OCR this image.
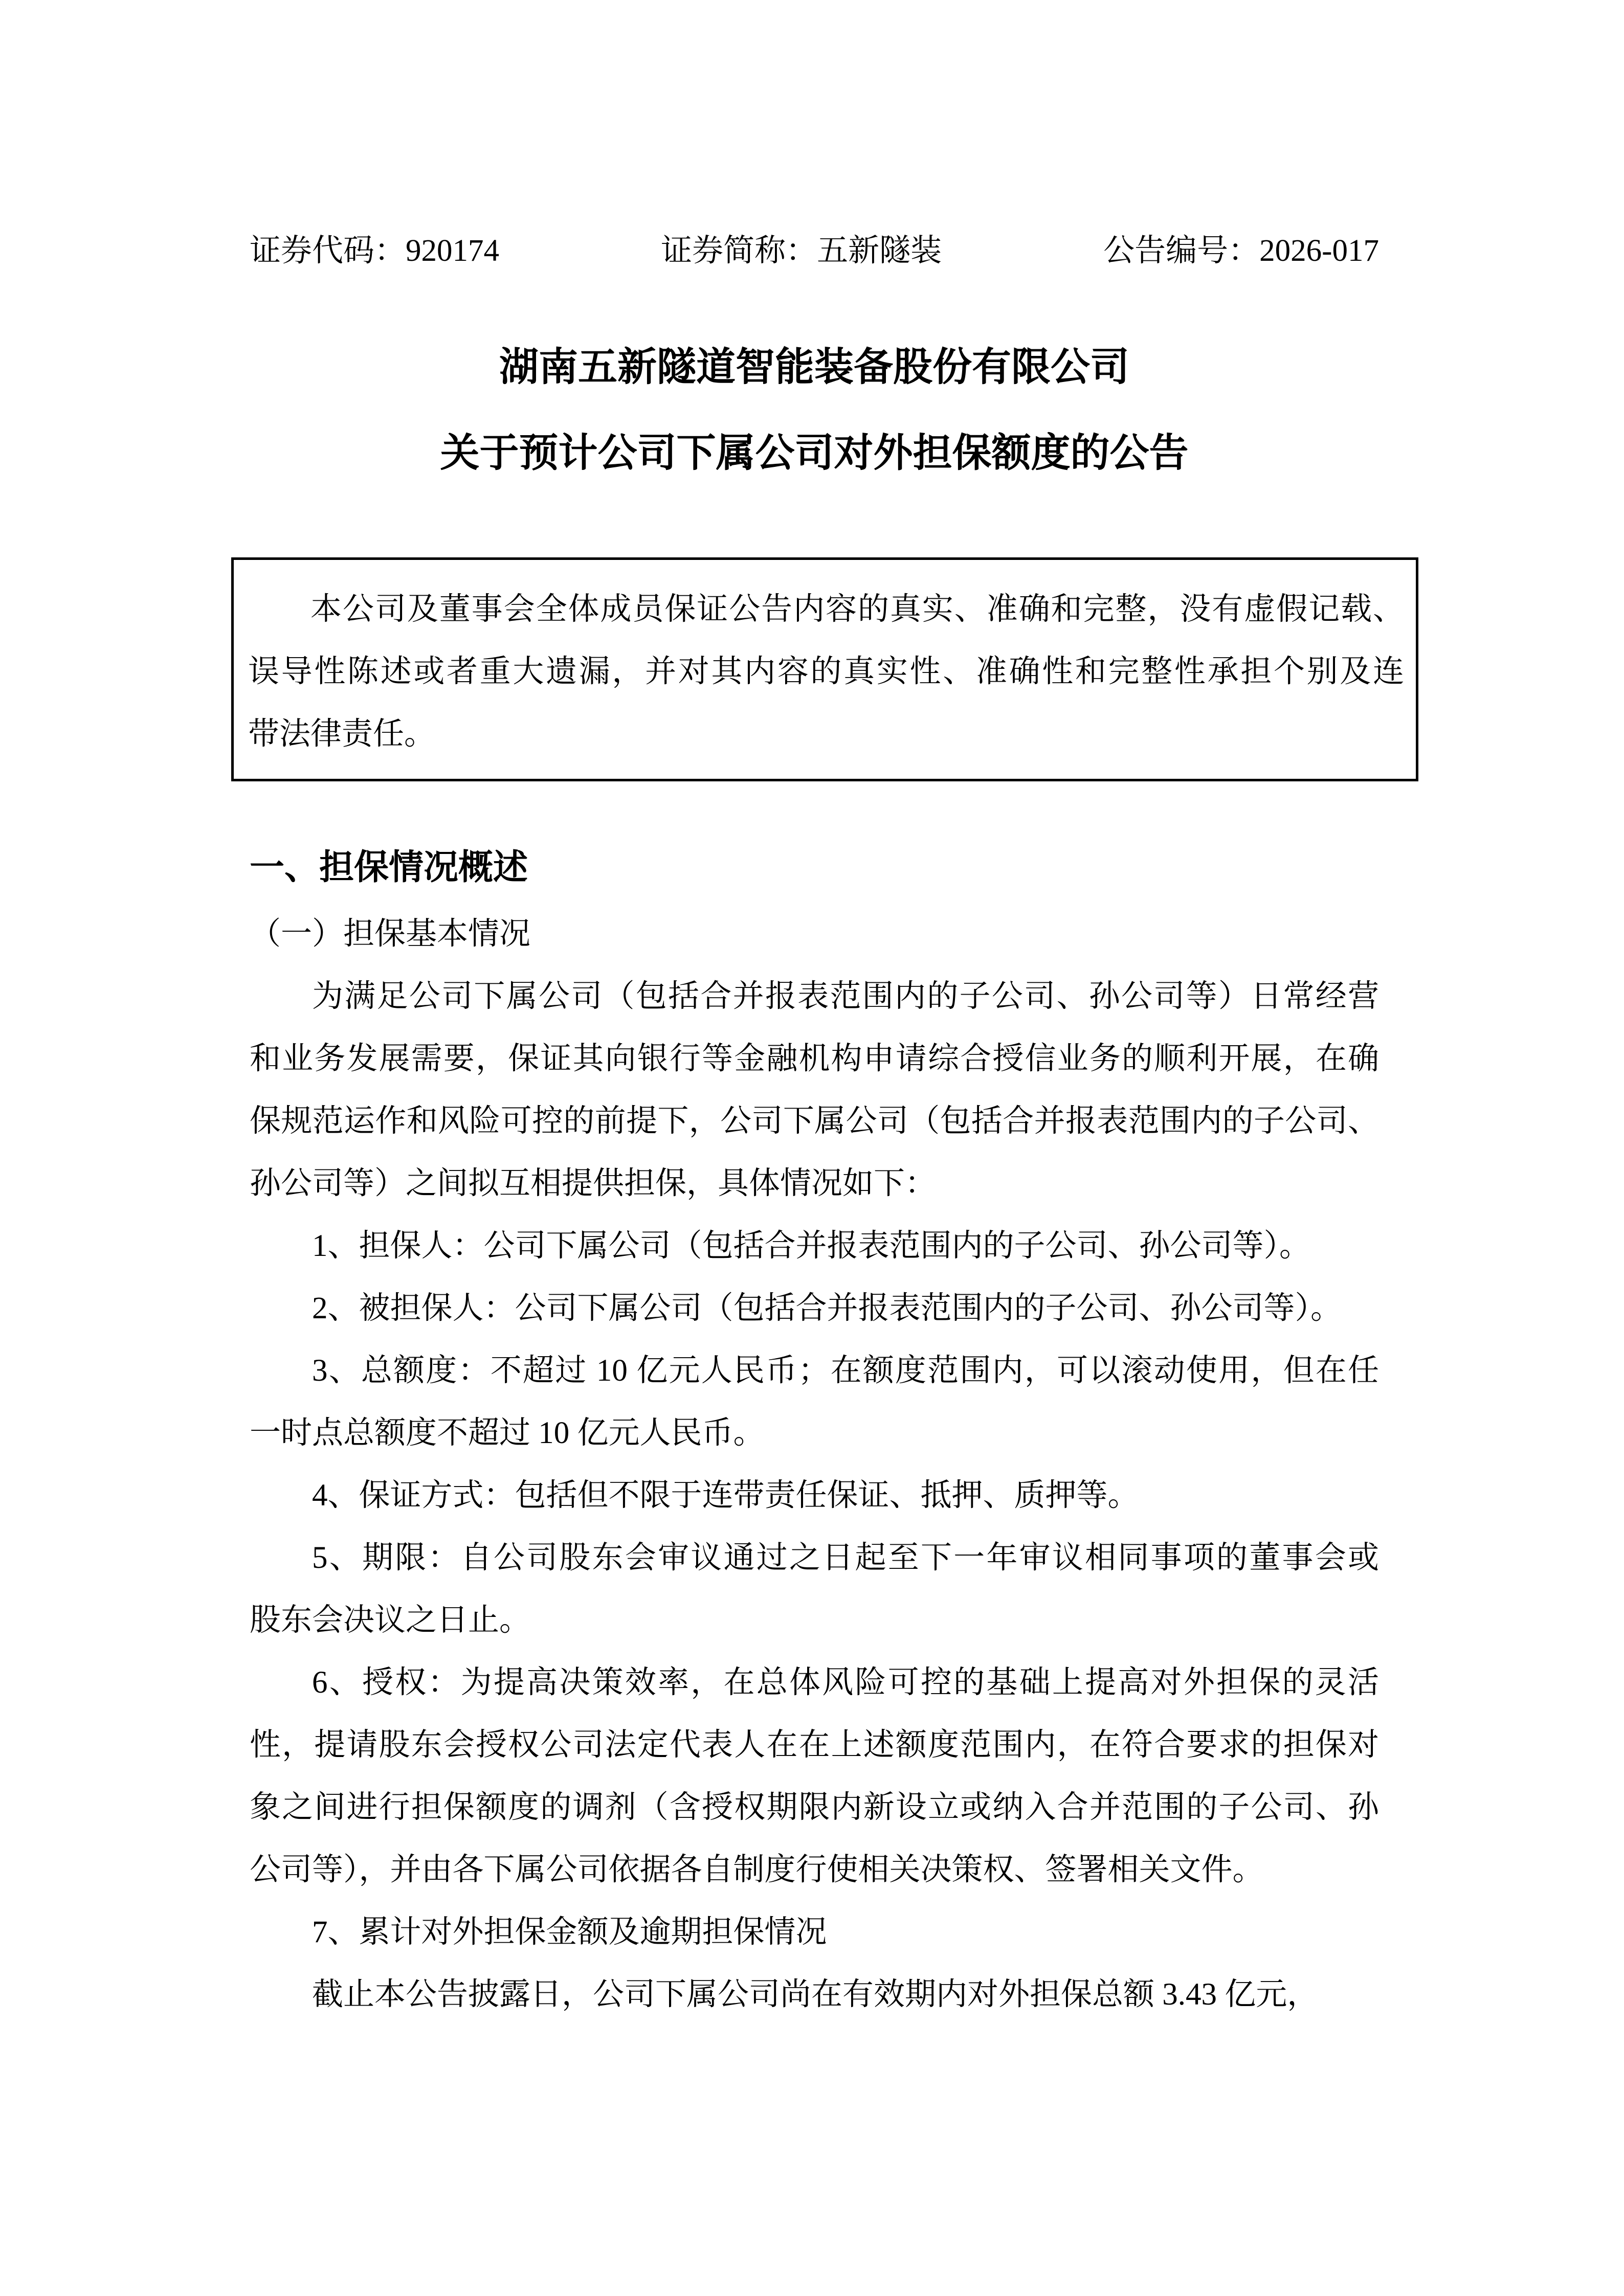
证券代码：920174	证券简称：五新隧装	公告编号：2026-017
湖南五新隧道智能装备股份有限公司
关于预计公司下属公司对外担保额度的公告
本公司及董事会全体成员保证公告内容的真实、准确和完整，没有虚假记载、
误导性陈述或者重大遗漏，并对其内容的真实性、准确性和完整性承担个别及连
带法律责任。
一、担保情况概述
（一）担保基本情况
为满足公司下属公司（包括合并报表范围内的子公司、孙公司等）日常经营
和业务发展需要，保证其向银行等金融机构申请综合授信业务的顺利开展，在确
保规范运作和风险可控的前提下，公司下属公司（包括合并报表范围内的子公司、
孙公司等）之间拟互相提供担保，具体情况如下：
1、担保人：公司下属公司（包括合并报表范围内的子公司、孙公司等）。
2、被担保人：公司下属公司（包括合并报表范围内的子公司、孙公司等）。
3、总额度：不超过 10 亿元人民币；在额度范围内，可以滚动使用，但在任
一时点总额度不超过 10 亿元人民币。
4、保证方式：包括但不限于连带责任保证、抵押、质押等。
5、期限：自公司股东会审议通过之日起至下一年审议相同事项的董事会或
股东会决议之日止。
6、授权：为提高决策效率，在总体风险可控的基础上提高对外担保的灵活
性，提请股东会授权公司法定代表人在在上述额度范围内，在符合要求的担保对
象之间进行担保额度的调剂（含授权期限内新设立或纳入合并范围的子公司、孙
公司等），并由各下属公司依据各自制度行使相关决策权、签署相关文件。
7、累计对外担保金额及逾期担保情况
截止本公告披露日，公司下属公司尚在有效期内对外担保总额 3.43 亿元，
